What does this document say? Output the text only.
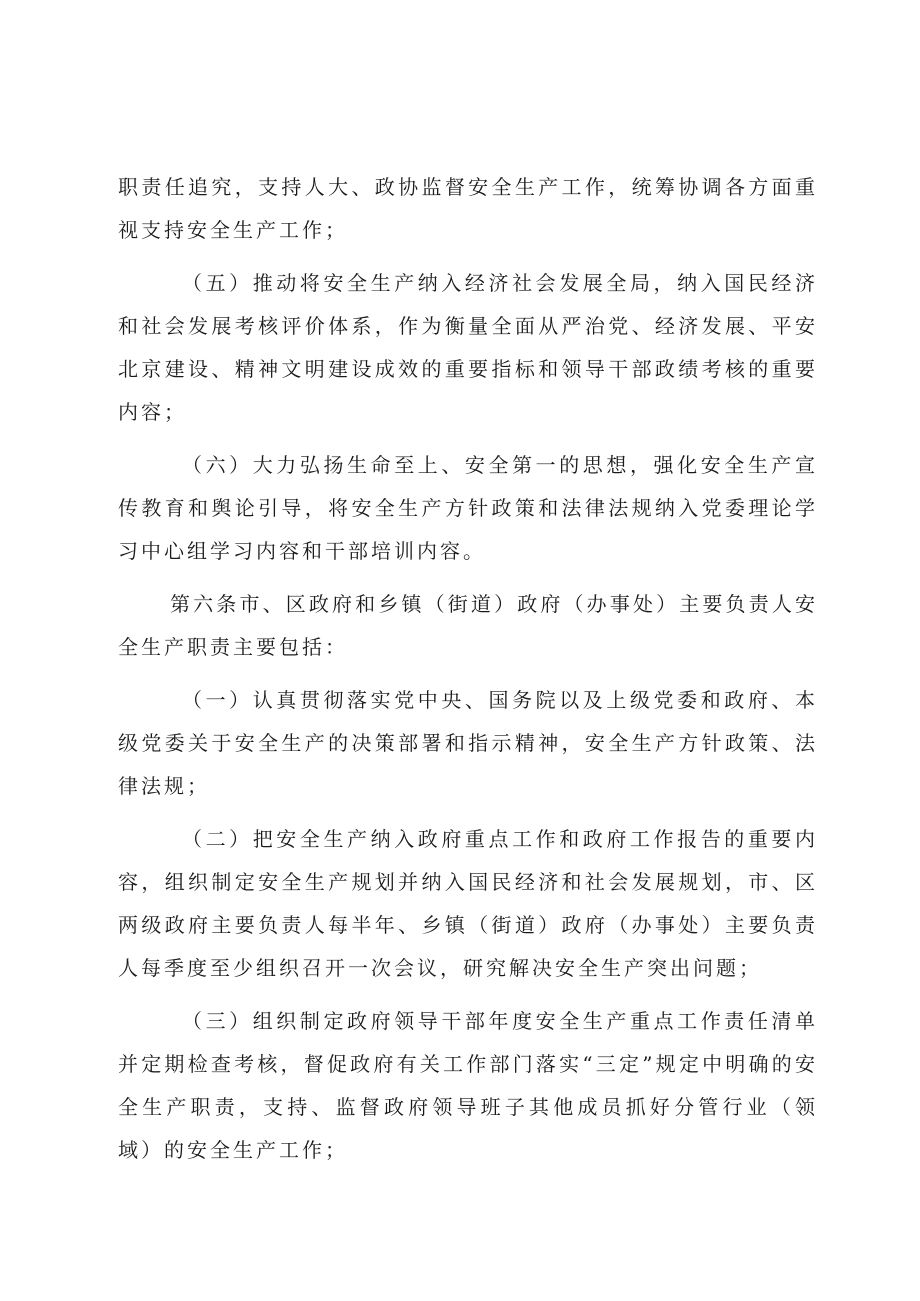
职责任追究，支持人大、政协监督安全生产工作，统筹协调各方面重视支持安全生产工作；

（五）推动将安全生产纳入经济社会发展全局，纳入国民经济和社会发展考核评价体系，作为衡量全面从严治党、经济发展、平安北京建设、精神文明建设成效的重要指标和领导干部政绩考核的重要内容；

（六）大力弘扬生命至上、安全第一的思想，强化安全生产宣传教育和舆论引导，将安全生产方针政策和法律法规纳入党委理论学习中心组学习内容和干部培训内容。

第六条市、区政府和乡镇（街道）政府（办事处）主要负责人安全生产职责主要包括：

（一）认真贯彻落实党中央、国务院以及上级党委和政府、本级党委关于安全生产的决策部署和指示精神，安全生产方针政策、法律法规；

（二）把安全生产纳入政府重点工作和政府工作报告的重要内容，组织制定安全生产规划并纳入国民经济和社会发展规划，市、区两级政府主要负责人每半年、乡镇（街道）政府（办事处）主要负责人每季度至少组织召开一次会议，研究解决安全生产突出问题；

（三）组织制定政府领导干部年度安全生产重点工作责任清单并定期检查考核，督促政府有关工作部门落实“三定”规定中明确的安全生产职责，支持、监督政府领导班子其他成员抓好分管行业（领域）的安全生产工作；
